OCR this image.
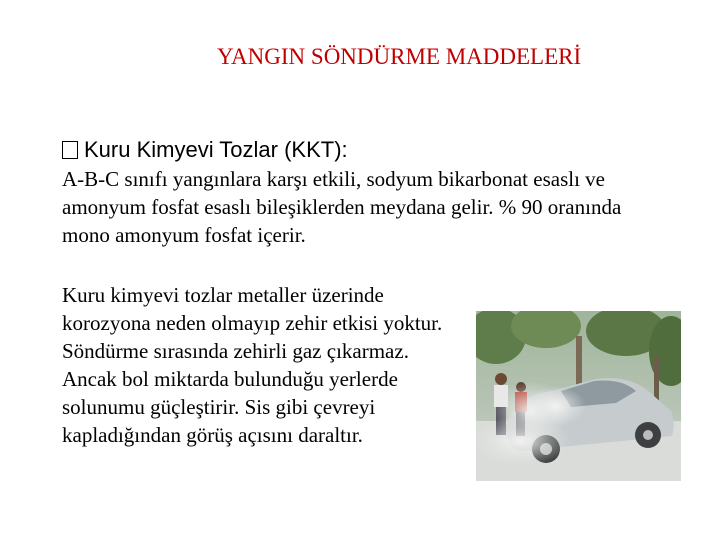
YANGIN SÖNDÜRME MADDELERİ
Kuru Kimyevi Tozlar (KKT):
A-B-C sınıfı yangınlara karşı etkili, sodyum bikarbonat esaslı ve amonyum fosfat esaslı bileşiklerden meydana gelir. % 90 oranında mono amonyum fosfat içerir.
Kuru kimyevi tozlar metaller üzerinde korozyona neden olmayıp zehir etkisi yoktur. Söndürme sırasında zehirli gaz çıkarmaz. Ancak bol miktarda bulunduğu yerlerde solunumu güçleştirir. Sis gibi çevreyi kapladığından görüş açısını daraltır.
